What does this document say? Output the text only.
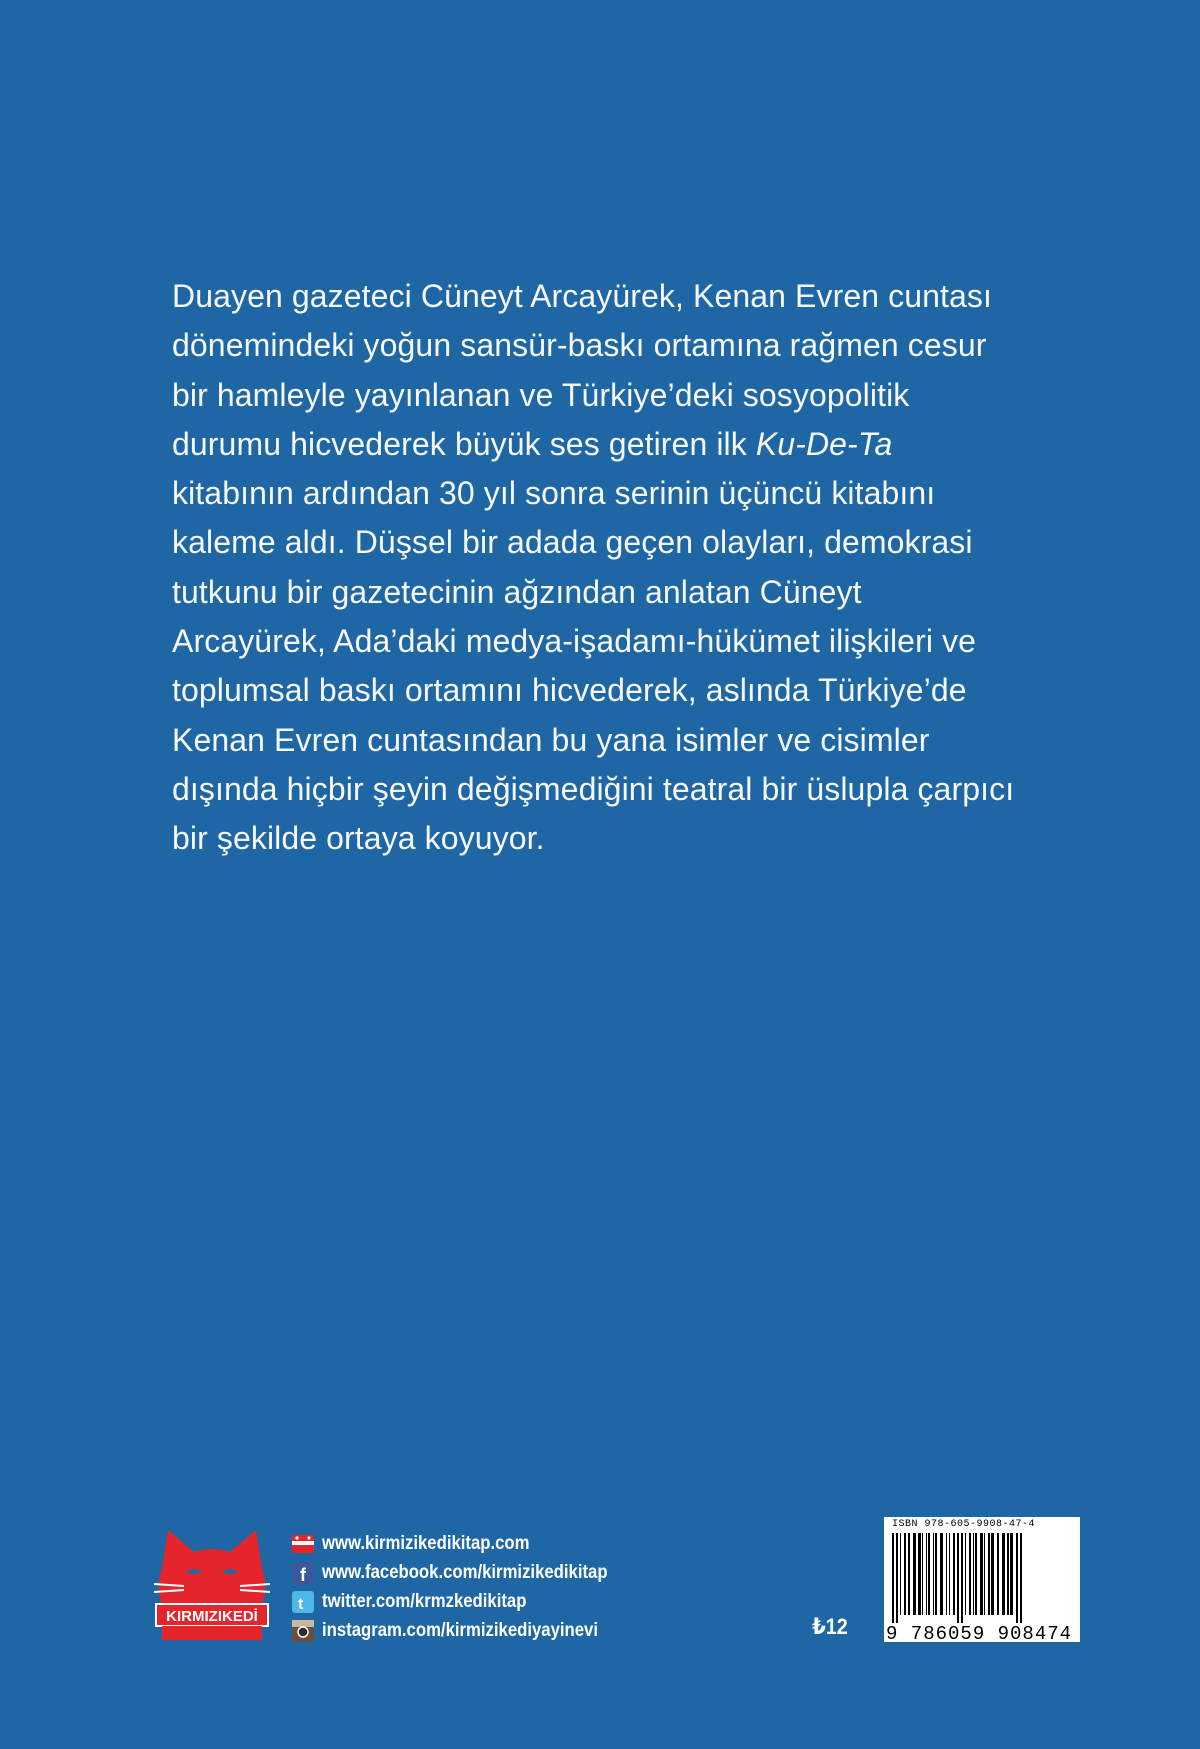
Duayen gazeteci Cüneyt Arcayürek, Kenan Evren cuntası
dönemindeki yoğun sansür-baskı ortamına rağmen cesur
bir hamleyle yayınlanan ve Türkiye’deki sosyopolitik
durumu hicvederek büyük ses getiren ilk Ku-De-Ta
kitabının ardından 30 yıl sonra serinin üçüncü kitabını
kaleme aldı. Düşsel bir adada geçen olayları, demokrasi
tutkunu bir gazetecinin ağzından anlatan Cüneyt
Arcayürek, Ada’daki medya-işadamı-hükümet ilişkileri ve
toplumsal baskı ortamını hicvederek, aslında Türkiye’de
Kenan Evren cuntasından bu yana isimler ve cisimler
dışında hiçbir şeyin değişmediğini teatral bir üslupla çarpıcı
bir şekilde ortaya koyuyor.
KIRMIZIKEDİ
www.kirmizikedikitap.com
f www.facebook.com/kirmizikedikitap
t twitter.com/krmzkedikitap
instagram.com/kirmizikediyayinevi	₺12
ISBN 978-605-9908-47-4
9 786059 908474
